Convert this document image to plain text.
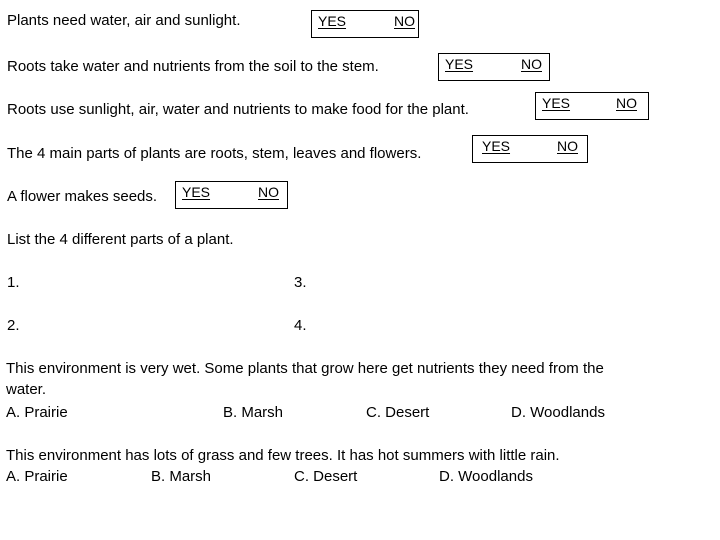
Plants need water, air and sunlight.	YES	NO
Roots take water and nutrients from the soil to the stem.	YES	NO
Roots use sunlight, air, water and nutrients to make food for the plant.	YES	NO
The 4 main parts of plants are roots, stem, leaves and flowers.	YES	NO
A flower makes seeds. YES	NO
List the 4 different parts of a plant.
1.	3.
2.	4.
This environment is very wet. Some plants that grow here get nutrients they need from the
water.
A. Prairie	B. Marsh	C. Desert	D. Woodlands
This environment has lots of grass and few trees. It has hot summers with little rain.
A. Prairie	B. Marsh	C. Desert	D. Woodlands
